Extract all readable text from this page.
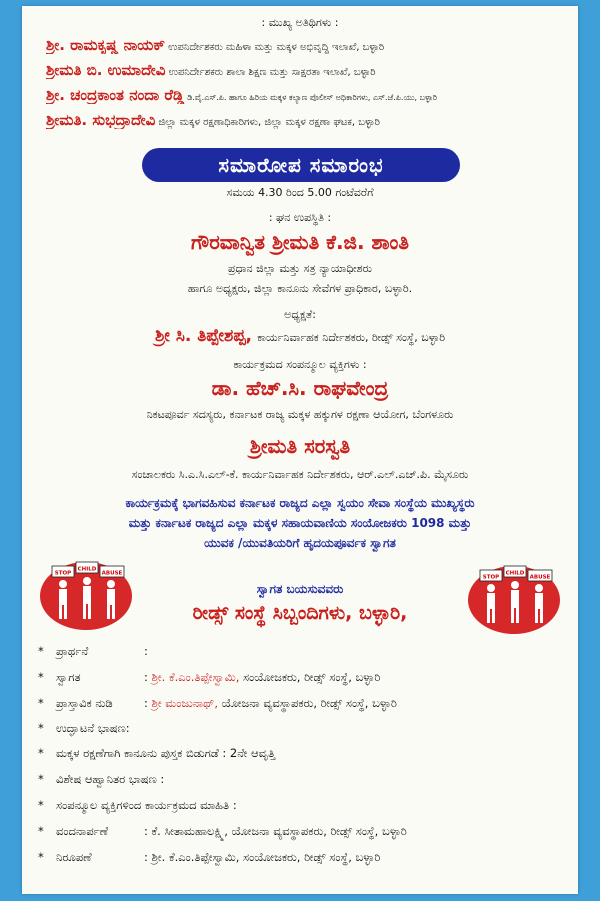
: ಮುಖ್ಯ ಅತಿಥಿಗಳು :
ಶ್ರೀ. ರಾಮಕೃಷ್ಣ ನಾಯಕ್ ಉಪನಿರ್ದೇಶಕರು ಮಹಿಳಾ ಮತ್ತು ಮಕ್ಕಳ ಅಭಿವೃದ್ಧಿ ಇಲಾಖೆ, ಬಳ್ಳಾರಿ
ಶ್ರೀಮತಿ ಬಿ. ಉಮಾದೇವಿ ಉಪನಿರ್ದೇಶಕರು ಶಾಲಾ ಶಿಕ್ಷಣ ಮತ್ತು ಸಾಕ್ಷರತಾ ಇಲಾಖೆ, ಬಳ್ಳಾರಿ
ಶ್ರೀ. ಚಂದ್ರಕಾಂತ ನಂದಾ ರೆಡ್ಡಿ ಡಿ.ವೈ.ಎಸ್.ಪಿ. ಹಾಗೂ ಹಿರಿಯ ಮಕ್ಕಳ ಕಲ್ಯಾಣ ಪೊಲೀಸ್ ಅಧಿಕಾರಿಗಳು, ಎಸ್.ಜೆ.ಪಿ.ಯು, ಬಳ್ಳಾರಿ
ಶ್ರೀಮತಿ. ಸುಭದ್ರಾದೇವಿ ಜಿಲ್ಲಾ ಮಕ್ಕಳ ರಕ್ಷಣಾಧಿಕಾರಿಗಳು, ಜಿಲ್ಲಾ ಮಕ್ಕಳ ರಕ್ಷಣಾ ಘಟಕ, ಬಳ್ಳಾರಿ
ಸಮಾರೋಪ ಸಮಾರಂಭ
ಸಮಯ 4.30 ರಿಂದ 5.00 ಗಂಟೆವರೆಗೆ
: ಘನ ಉಪಸ್ಥಿತಿ :
ಗೌರವಾನ್ವಿತ ಶ್ರೀಮತಿ ಕೆ.ಜಿ. ಶಾಂತಿ
ಪ್ರಧಾನ ಜಿಲ್ಲಾ ಮತ್ತು ಸತ್ರ ನ್ಯಾಯಾಧೀಶರು
ಹಾಗೂ ಅಧ್ಯಕ್ಷರು, ಜಿಲ್ಲಾ ಕಾನೂನು ಸೇವೆಗಳ ಪ್ರಾಧಿಕಾರ, ಬಳ್ಳಾರಿ.
ಅಧ್ಯಕ್ಷತೆ:
ಶ್ರೀ ಸಿ. ತಿಪ್ಪೇಶಪ್ಪ, ಕಾರ್ಯನಿರ್ವಾಹಕ ನಿರ್ದೇಶಕರು, ರೀಡ್ಸ್ ಸಂಸ್ಥೆ, ಬಳ್ಳಾರಿ
ಕಾರ್ಯಕ್ರಮದ ಸಂಪನ್ಮೂಲ ವ್ಯಕ್ತಿಗಳು :
ಡಾ. ಹೆಚ್.ಸಿ. ರಾಘವೇಂದ್ರ
ನಿಕಟಪೂರ್ವ ಸದಸ್ಯರು, ಕರ್ನಾಟಕ ರಾಜ್ಯ ಮಕ್ಕಳ ಹಕ್ಕುಗಳ ರಕ್ಷಣಾ ಆಯೋಗ, ಬೆಂಗಳೂರು
ಶ್ರೀಮತಿ ಸರಸ್ವತಿ
ಸಂಚಾಲಕರು ಸಿ.ಎ.ಸಿ.ಎಲ್-ಕೆ. ಕಾರ್ಯನಿರ್ವಾಹಕ ನಿರ್ದೇಶಕರು, ಆರ್.ಎಲ್.ಎಚ್.ಪಿ. ಮೈಸೂರು
ಕಾರ್ಯಕ್ರಮಕ್ಕೆ ಭಾಗವಹಿಸುವ ಕರ್ನಾಟಕ ರಾಜ್ಯದ ಎಲ್ಲಾ ಸ್ವಯಂ ಸೇವಾ ಸಂಸ್ಥೆಯ ಮುಖ್ಯಸ್ಥರು
ಮತ್ತು ಕರ್ನಾಟಕ ರಾಜ್ಯದ ಎಲ್ಲಾ ಮಕ್ಕಳ ಸಹಾಯವಾಣಿಯ ಸಂಯೋಜಕರು 1098 ಮತ್ತು
ಯುವಕ /ಯುವತಿಯರಿಗೆ ಹೃದಯಪೂರ್ವಕ ಸ್ವಾಗತ
STOP
CHILD
ABUSE
STOP
CHILD
ABUSE
ಸ್ವಾಗತ ಬಯಸುವವರು
ರೀಡ್ಸ್ ಸಂಸ್ಥೆ ಸಿಬ್ಬಂದಿಗಳು, ಬಳ್ಳಾರಿ,
* ಪ್ರಾರ್ಥನೆ	:
* ಸ್ವಾಗತ	: ಶ್ರೀ. ಕೆ.ಎಂ.ತಿಪ್ಪೇಸ್ವಾಮಿ, ಸಂಯೋಜಕರು, ರೀಡ್ಸ್ ಸಂಸ್ಥೆ, ಬಳ್ಳಾರಿ
* ಪ್ರಾಸ್ತಾವಿಕ ನುಡಿ	: ಶ್ರೀ ಮಂಜುನಾಥ್, ಯೋಜನಾ ವ್ಯವಸ್ಥಾಪಕರು, ರೀಡ್ಸ್ ಸಂಸ್ಥೆ, ಬಳ್ಳಾರಿ
* ಉದ್ಘಾಟನೆ ಭಾಷಣ:
* ಮಕ್ಕಳ ರಕ್ಷಣೆಗಾಗಿ ಕಾನೂನು ಪುಸ್ತಕ ಬಿಡುಗಡೆ : 2ನೇ ಆವೃತ್ತಿ
* ವಿಶೇಷ ಆಹ್ವಾನಿತರ ಭಾಷಣ :
* ಸಂಪನ್ಮೂಲ ವ್ಯಕ್ತಿಗಳಿಂದ ಕಾರ್ಯಕ್ರಮದ ಮಾಹಿತಿ :
* ವಂದನಾರ್ಪಣೆ	: ಕೆ. ಸೀತಾಮಹಾಲಕ್ಷ್ಮಿ, ಯೋಜನಾ ವ್ಯವಸ್ಥಾಪಕರು, ರೀಡ್ಸ್ ಸಂಸ್ಥೆ, ಬಳ್ಳಾರಿ
* ನಿರೂಪಣೆ	: ಶ್ರೀ. ಕೆ.ಎಂ.ತಿಪ್ಪೇಸ್ವಾಮಿ, ಸಂಯೋಜಕರು, ರೀಡ್ಸ್ ಸಂಸ್ಥೆ, ಬಳ್ಳಾರಿ
